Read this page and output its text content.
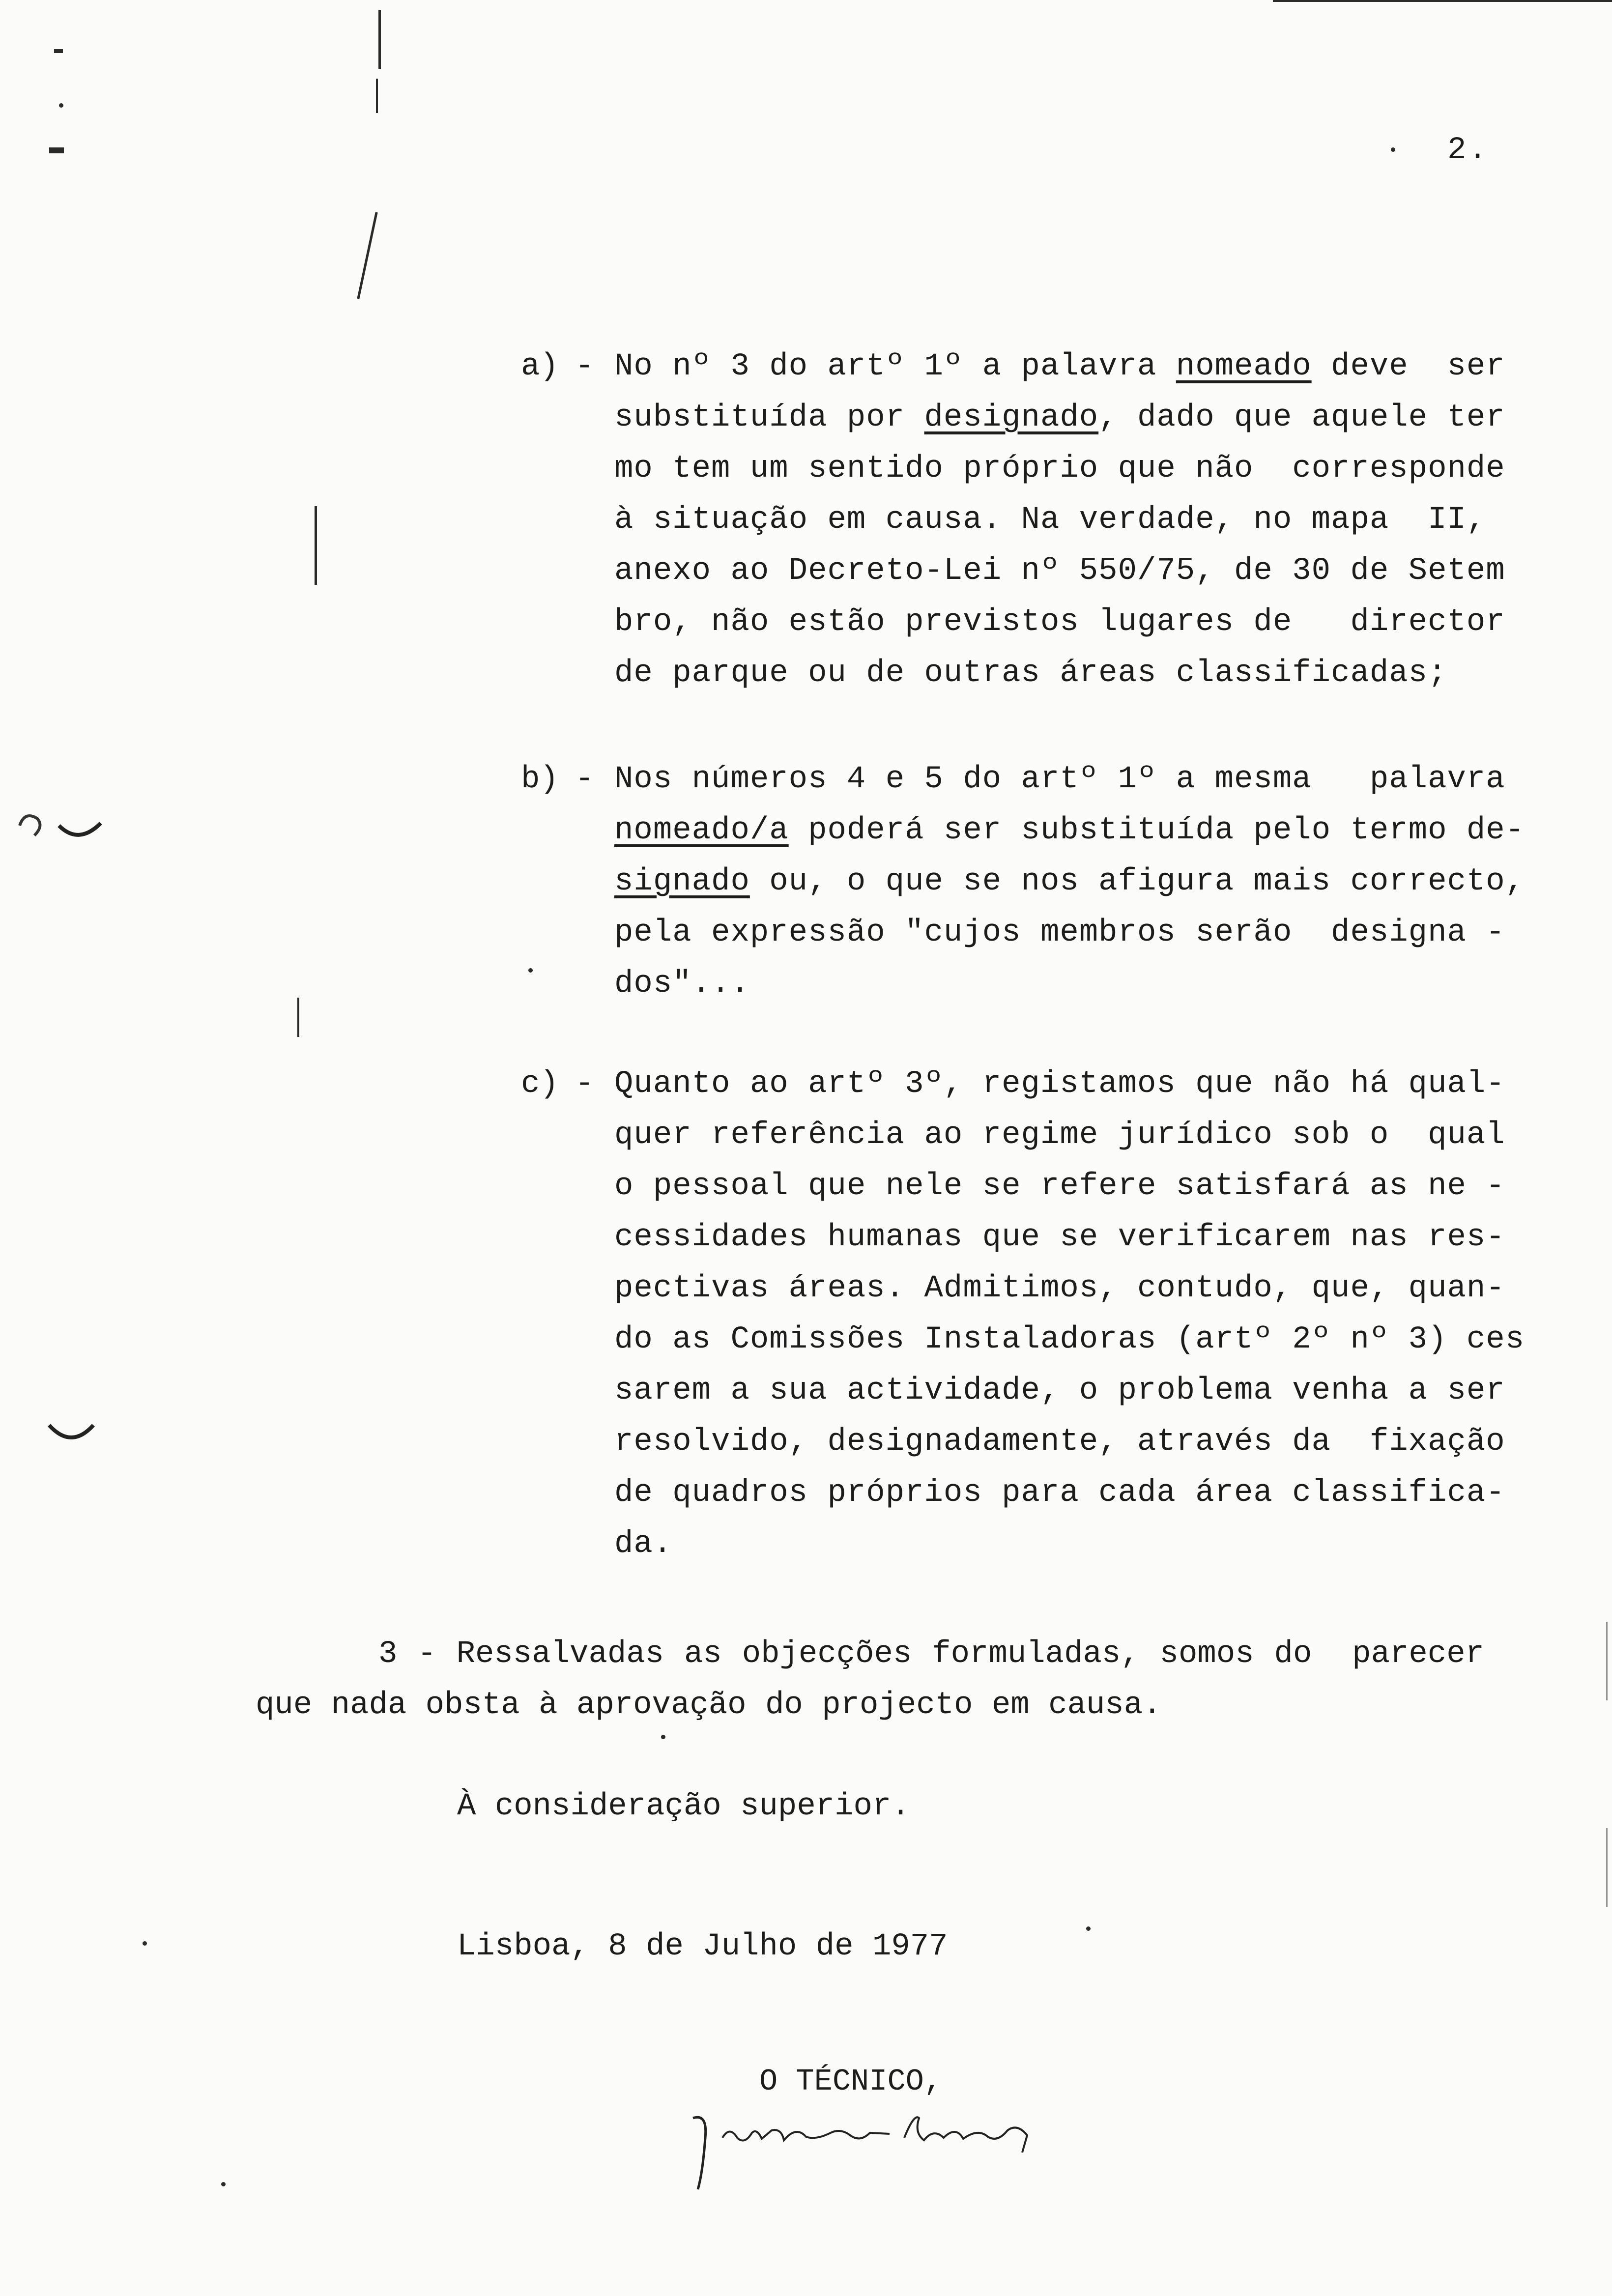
2.
a) - No nº 3 do artº 1º a palavra nomeado deve  ser
substituída por designado, dado que aquele ter
mo tem um sentido próprio que não  corresponde
à situação em causa. Na verdade, no mapa  II,
anexo ao Decreto-Lei nº 550/75, de 30 de Setem
bro, não estão previstos lugares de   director
de parque ou de outras áreas classificadas;
b) - Nos números 4 e 5 do artº 1º a mesma   palavra
nomeado/a poderá ser substituída pelo termo de-
signado ou, o que se nos afigura mais correcto,
pela expressão "cujos membros serão  designa -
dos"...
c) - Quanto ao artº 3º, registamos que não há qual-
quer referência ao regime jurídico sob o  qual
o pessoal que nele se refere satisfará as ne -
cessidades humanas que se verificarem nas res-
pectivas áreas. Admitimos, contudo, que, quan-
do as Comissões Instaladoras (artº 2º nº 3) ces
sarem a sua actividade, o problema venha a ser
resolvido, designadamente, através da  fixação
de quadros próprios para cada área classifica-
da.
3 - Ressalvadas as objecções formuladas, somos do  parecer
que nada obsta à aprovação do projecto em causa.
À consideração superior.
Lisboa, 8 de Julho de 1977
O TÉCNICO,
